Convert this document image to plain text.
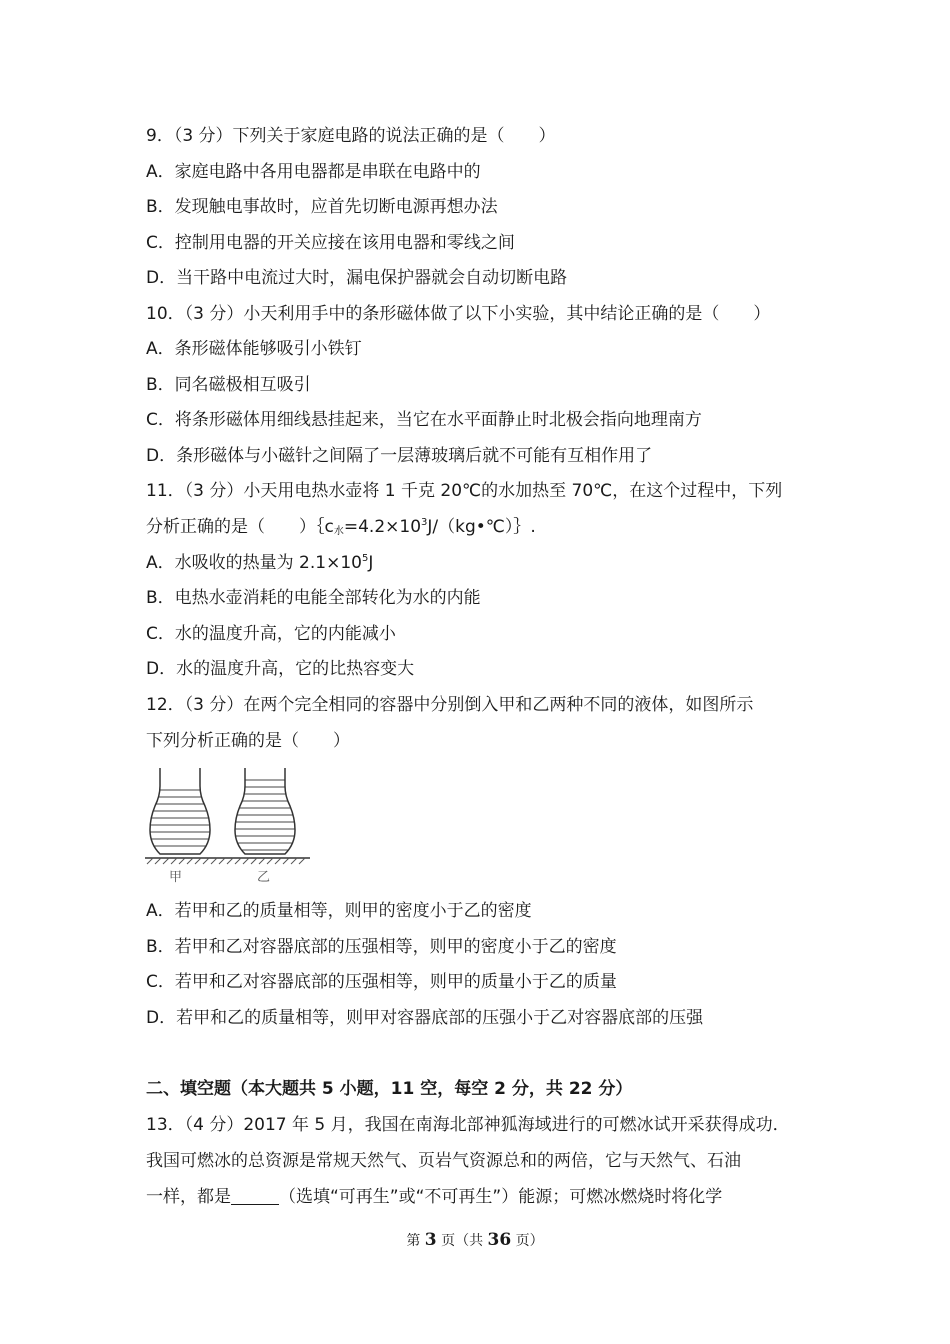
9．（3 分）下列关于家庭电路的说法正确的是（　　）
A．家庭电路中各用电器都是串联在电路中的
B．发现触电事故时，应首先切断电源再想办法
C．控制用电器的开关应接在该用电器和零线之间
D．当干路中电流过大时，漏电保护器就会自动切断电路
10．（3 分）小天利用手中的条形磁体做了以下小实验，其中结论正确的是（　　）
A．条形磁体能够吸引小铁钉
B．同名磁极相互吸引
C．将条形磁体用细线悬挂起来，当它在水平面静止时北极会指向地理南方
D．条形磁体与小磁针之间隔了一层薄玻璃后就不可能有互相作用了
11．（3 分）小天用电热水壶将 1 千克 20℃的水加热至 70℃，在这个过程中，下列
分析正确的是（　　）$\{c_水=4.2\times 10^3J/(kg•℃)\}$.
A．水吸收的热量为 $2.1\times 10^5J$
B．电热水壶消耗的电能全部转化为水的内能
C．水的温度升高，它的内能减小
D．水的温度升高，它的比热容变大
12．（3 分）在两个完全相同的容器中分别倒入甲和乙两种不同的液体，如图所示
下列分析正确的是（　　）
甲	乙
A．若甲和乙的质量相等，则甲的密度小于乙的密度
B．若甲和乙对容器底部的压强相等，则甲的密度小于乙的密度
C．若甲和乙对容器底部的压强相等，则甲的质量小于乙的质量
D．若甲和乙的质量相等，则甲对容器底部的压强小于乙对容器底部的压强
二、填空题（本大题共 5 小题，11 空，每空 2 分，共 22 分）
13．（4 分）2017 年 5 月，我国在南海北部神狐海域进行的可燃冰试开采获得成功．
我国可燃冰的总资源是常规天然气、页岩气资源总和的两倍，它与天然气、石油
一样，都是	（选填“可再生”或“不可再生”）能源；可燃冰燃烧时将化学
第 3 页（共 36 页）
